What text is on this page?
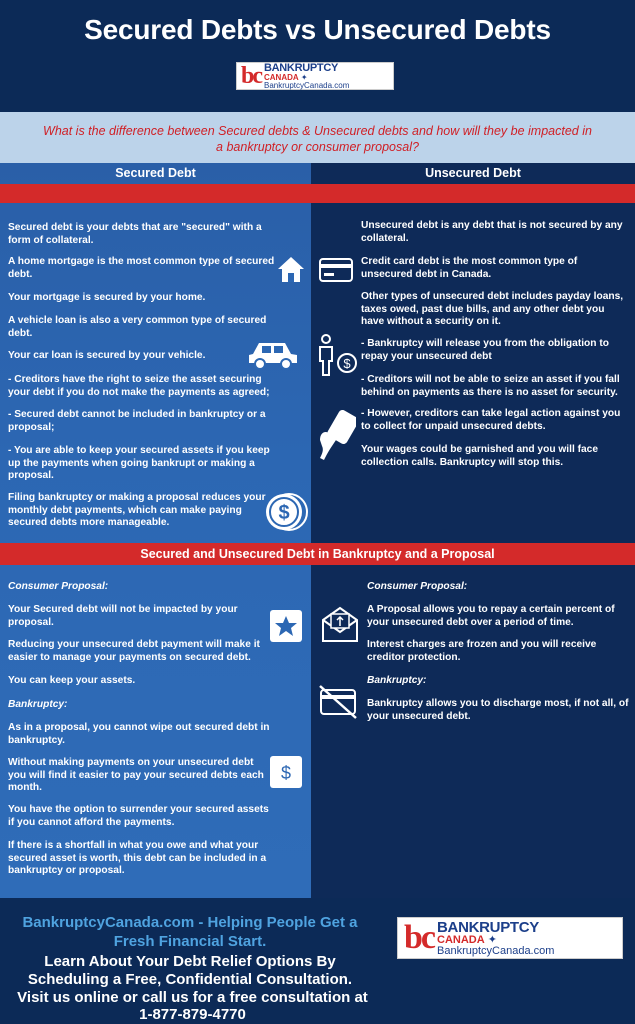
Secured Debts vs Unsecured Debts
bc BANKRUPTCY
CANADA ✦ BankruptcyCanada.com
What is the difference between Secured debts & Unsecured debts and how will they be impacted in a bankruptcy or consumer proposal?
Secured Debt	Unsecured Debt
Secured debt is your debts that are "secured" with a form of collateral.
A home mortgage is the most common type of secured debt.
Your mortgage is secured by your home.
A vehicle loan is also a very common type of secured debt.
Your car loan is secured by your vehicle.
- Creditors have the right to seize the asset securing your debt if you do not make the payments as agreed;
- Secured debt cannot be included in bankruptcy or a proposal;
- You are able to keep your secured assets if you keep up the payments when going bankrupt or making a proposal.
Filing bankruptcy or making a proposal reduces your monthly debt payments, which can make paying secured debts more manageable.	$
Unsecured debt is any debt that is not secured by any collateral.
Credit card debt is the most common type of unsecured debt in Canada.
Other types of unsecured debt includes payday loans, taxes owed, past due bills, and any other debt you have without a security on it.
- Bankruptcy will release you from the obligation to repay your unsecured debt
- Creditors will not be able to seize an asset if you fall behind on payments as there is no asset for security.
- However, creditors can take legal action against you to collect for unpaid unsecured debts.
Your wages could be garnished and you will face collection calls. Bankruptcy will stop this.
$
Secured and Unsecured Debt in Bankruptcy and a Proposal
Consumer Proposal:
Your Secured debt will not be impacted by your proposal.
Reducing your unsecured debt payment will make it easier to manage your payments on secured debt.
You can keep your assets.
Bankruptcy:
As in a proposal, you cannot wipe out secured debt in bankruptcy.
Without making payments on your unsecured debt you will find it easier to pay your secured debts each month.
You have the option to surrender your secured assets if you cannot afford the payments.
If there is a shortfall in what you owe and what your secured asset is worth, this debt can be included in a bankruptcy or proposal.
$
Consumer Proposal:
A Proposal allows you to repay a certain percent of your unsecured debt over a period of time.
Interest charges are frozen and you will receive creditor protection.
Bankruptcy:
Bankruptcy allows you to discharge most, if not all, of your unsecured debt.
BankruptcyCanada.com - Helping People Get a Fresh Financial Start.
Learn About Your Debt Relief Options By
Scheduling a Free, Confidential Consultation.
Visit us online or call us for a free consultation at
1-877-879-4770
bc BANKRUPTCY
CANADA ✦ BankruptcyCanada.com
